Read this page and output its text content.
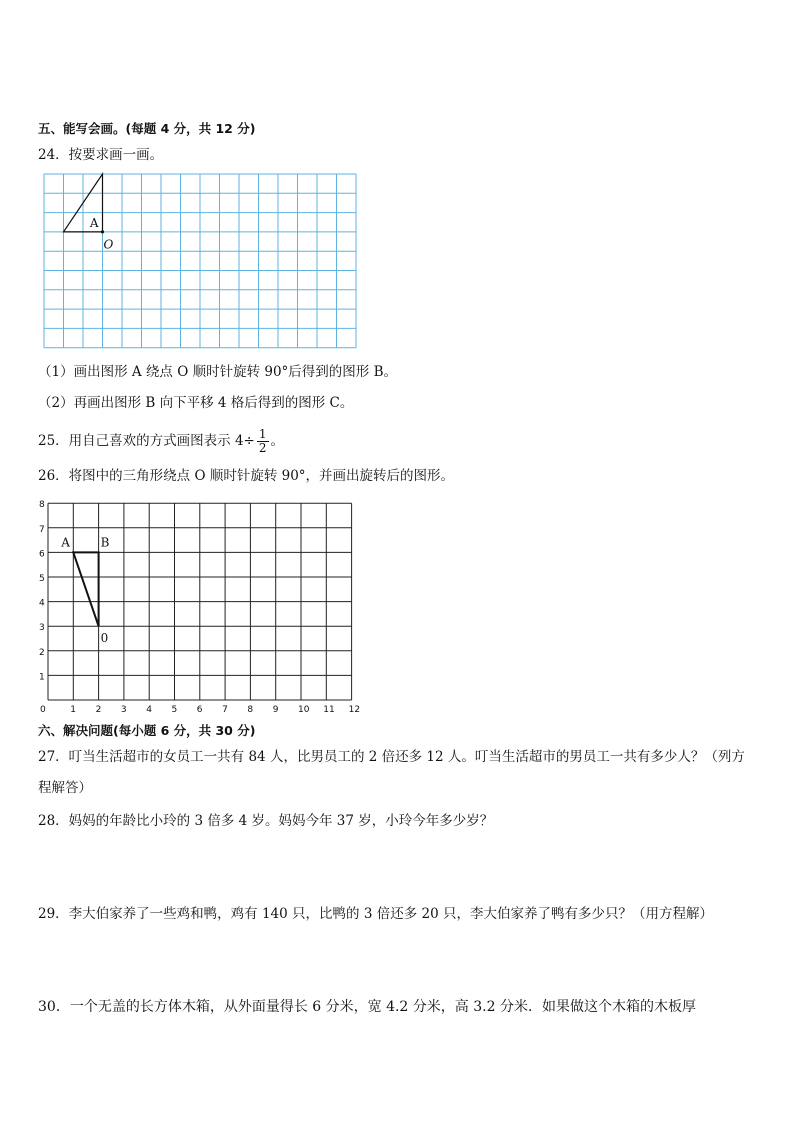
五、能写会画。(每题 4 分，共 12 分)
24．按要求画一画。
A
O
（1）画出图形 A 绕点 O 顺时针旋转 90°后得到的图形 B。
（2）再画出图形 B 向下平移 4 格后得到的图形 C。
25．用自己喜欢的方式画图表示 $4\div \frac{1}{2}$ 。
26．将图中的三角形绕点 O 顺时针旋转 90°，并画出旋转后的图形。
0	1 2 3 4 5 6 7 8 9 10 11 12
1
2
3
4
5
6
7
8
A	B
0
六、解决问题(每小题 6 分，共 30 分)
27．叮当生活超市的女员工一共有 84 人，比男员工的 2 倍还多 12 人。叮当生活超市的男员工一共有多少人？（列方
程解答）
28．妈妈的年龄比小玲的 3 倍多 4 岁。妈妈今年 37 岁，小玲今年多少岁？
29．李大伯家养了一些鸡和鸭，鸡有 140 只，比鸭的 3 倍还多 20 只，李大伯家养了鸭有多少只？（用方程解）
30．一个无盖的长方体木箱，从外面量得长 6 分米，宽 4.2 分米，高 3.2 分米．如果做这个木箱的木板厚
